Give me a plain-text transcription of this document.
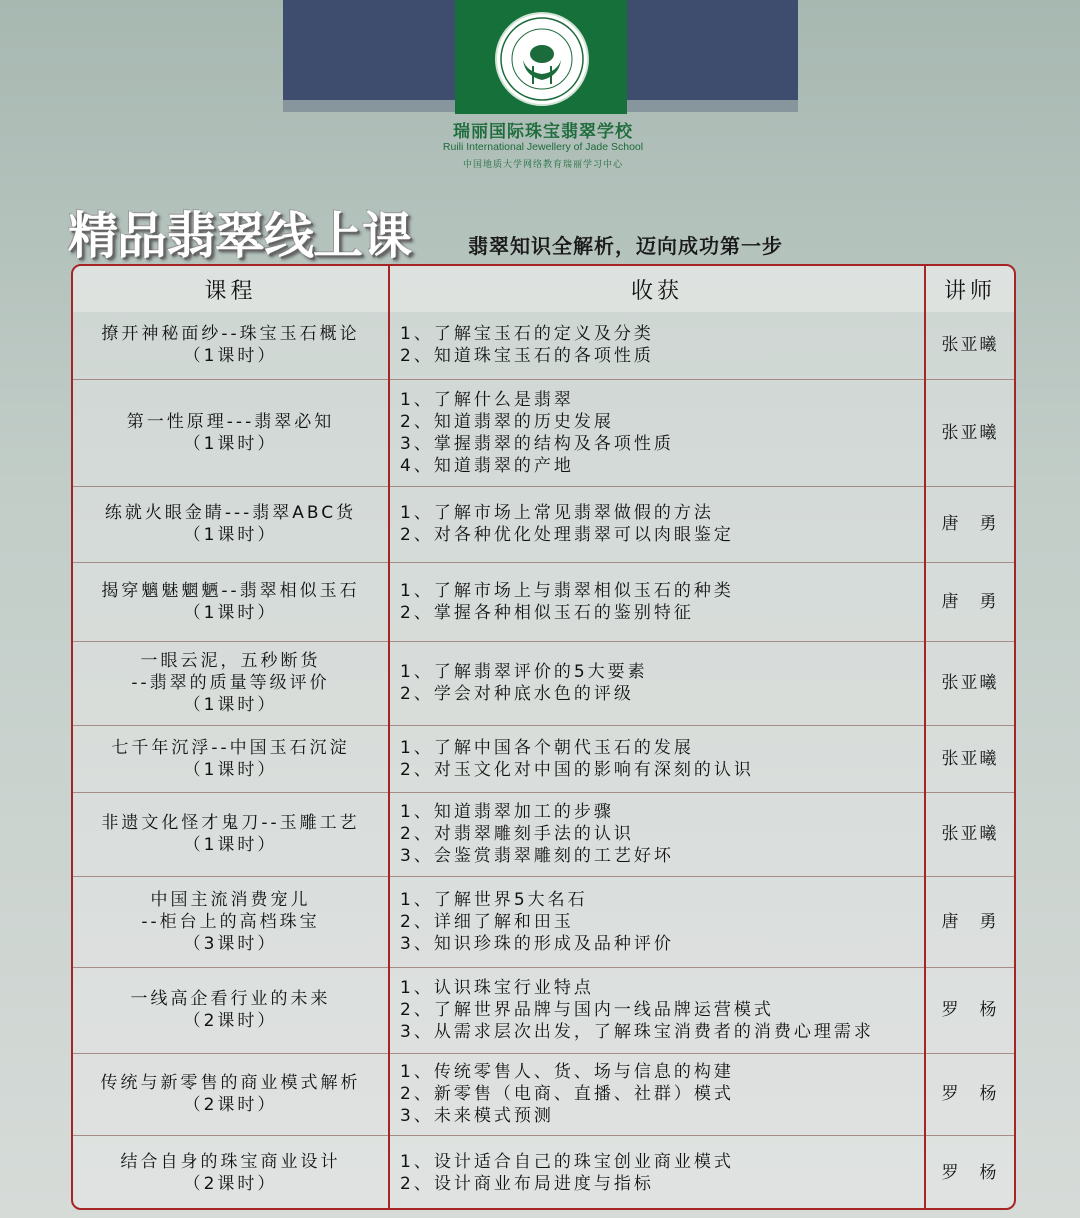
瑞丽国际珠宝翡翠学校
Ruili International Jewellery of Jade School
中国地质大学网络教育瑞丽学习中心
精品翡翠线上课	翡翠知识全解析，迈向成功第一步
课程	收获	讲师

撩开神秘面纱--珠宝玉石概论
（1课时）	1、了解宝玉石的定义及分类
2、知道珠宝玉石的各项性质	张亚曦

第一性原理---翡翠必知
（1课时）	1、了解什么是翡翠
2、知道翡翠的历史发展
3、掌握翡翠的结构及各项性质
4、知道翡翠的产地	张亚曦

练就火眼金睛---翡翠ABC货
（1课时）	1、了解市场上常见翡翠做假的方法
2、对各种优化处理翡翠可以肉眼鉴定	唐　勇

揭穿魑魅魍魉--翡翠相似玉石
（1课时）	1、了解市场上与翡翠相似玉石的种类
2、掌握各种相似玉石的鉴别特征	唐　勇

一眼云泥，五秒断货
--翡翠的质量等级评价
（1课时）	1、了解翡翠评价的5大要素
2、学会对种底水色的评级	张亚曦

七千年沉浮--中国玉石沉淀
（1课时）	1、了解中国各个朝代玉石的发展
2、对玉文化对中国的影响有深刻的认识	张亚曦

非遗文化怪才鬼刀--玉雕工艺
（1课时）	1、知道翡翠加工的步骤
2、对翡翠雕刻手法的认识
3、会鉴赏翡翠雕刻的工艺好坏	张亚曦

中国主流消费宠儿
--柜台上的高档珠宝
（3课时）	1、了解世界5大名石
2、详细了解和田玉
3、知识珍珠的形成及品种评价	唐　勇

一线高企看行业的未来
（2课时）	1、认识珠宝行业特点
2、了解世界品牌与国内一线品牌运营模式
3、从需求层次出发，了解珠宝消费者的消费心理需求	罗　杨

传统与新零售的商业模式解析
（2课时）	1、传统零售人、货、场与信息的构建
2、新零售（电商、直播、社群）模式
3、未来模式预测	罗　杨

结合自身的珠宝商业设计
（2课时）	1、设计适合自己的珠宝创业商业模式
2、设计商业布局进度与指标	罗　杨
